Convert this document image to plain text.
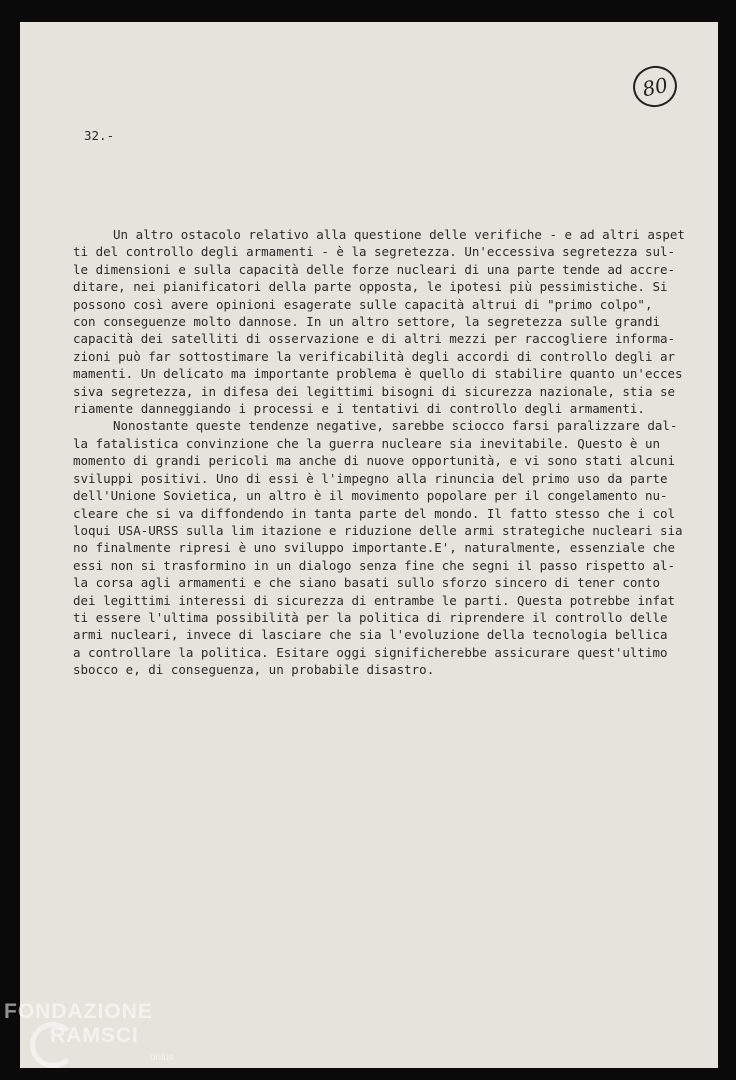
32.-
80
Un altro ostacolo relativo alla questione delle verifiche - e ad altri aspet
ti del controllo degli armamenti - è la segretezza. Un'eccessiva segretezza sul-
le dimensioni e sulla capacità delle forze nucleari di una parte tende ad accre-
ditare, nei pianificatori della parte opposta, le ipotesi più pessimistiche. Si
possono così avere opinioni esagerate sulle capacità altrui di "primo colpo",
con conseguenze molto dannose. In un altro settore, la segretezza sulle grandi
capacità dei satelliti di osservazione e di altri mezzi per raccogliere informa-
zioni può far sottostimare la verificabilità degli accordi di controllo degli ar
mamenti. Un delicato ma importante problema è quello di stabilire quanto un'ecces
siva segretezza, in difesa dei legittimi bisogni di sicurezza nazionale, stia se
riamente danneggiando i processi e i tentativi di controllo degli armamenti.
Nonostante queste tendenze negative, sarebbe sciocco farsi paralizzare dal-
la fatalistica convinzione che la guerra nucleare sia inevitabile. Questo è un
momento di grandi pericoli ma anche di nuove opportunità, e vi sono stati alcuni
sviluppi positivi. Uno di essi è l'impegno alla rinuncia del primo uso da parte
dell'Unione Sovietica, un altro è il movimento popolare per il congelamento nu-
cleare che si va diffondendo in tanta parte del mondo. Il fatto stesso che i col
loqui USA-URSS sulla lim itazione e riduzione delle armi strategiche nucleari sia
no finalmente ripresi è uno sviluppo importante.E', naturalmente, essenziale che
essi non si trasformino in un dialogo senza fine che segni il passo rispetto al-
la corsa agli armamenti e che siano basati sullo sforzo sincero di tener conto
dei legittimi interessi di sicurezza di entrambe le parti. Questa potrebbe infat
ti essere l'ultima possibilità per la politica di riprendere il controllo delle
armi nucleari, invece di lasciare che sia l'evoluzione della tecnologia bellica
a controllare la politica. Esitare oggi significherebbe assicurare quest'ultimo
sbocco e, di conseguenza, un probabile disastro.
FONDAZIONE
RAMSCI
onlus
